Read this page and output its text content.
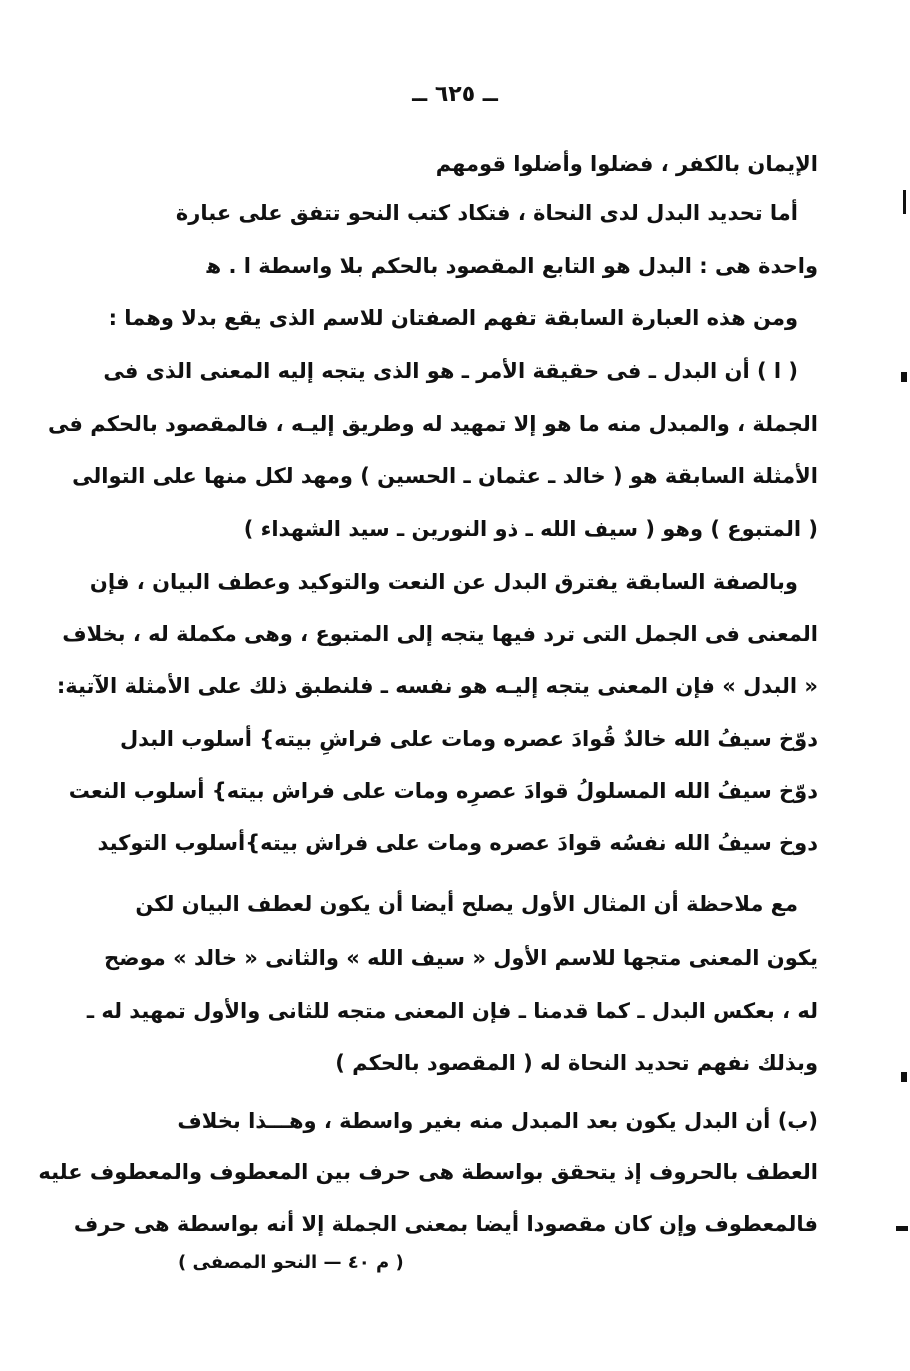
ــ ٦٢٥ ــ
الإيمان بالكفر ، فضلوا وأضلوا قومهم
أما تحديد البدل لدى النحاة ، فتكاد كتب النحو تتفق على عبارة
واحدة هى : البدل هو التابع المقصود بالحكم بلا واسطة ا . ﻫ
ومن هذه العبارة السابقة تفهم الصفتان للاسم الذى يقع بدلا وهما :
( ا ) أن البدل ـ فى حقيقة الأمر ـ هو الذى يتجه إليه المعنى الذى فى
الجملة ، والمبدل منه ما هو إلا تمهيد له وطريق إليـه ، فالمقصود بالحكم فى
الأمثلة السابقة هو ( خالد ـ عثمان ـ الحسين ) ومهد لكل منها على التوالى
( المتبوع ) وهو ( سيف الله ـ ذو النورين ـ سيد الشهداء )
وبالصفة السابقة يفترق البدل عن النعت والتوكيد وعطف البيان ، فإن
المعنى فى الجمل التى ترد فيها يتجه إلى المتبوع ، وهى مكملة له ، بخلاف
« البدل » فإن المعنى يتجه إليـه هو نفسه ـ فلنطبق ذلك على الأمثلة الآتية:
دوّخ سيفُ الله خالدٌ قُوادَ عصره ومات على فراشِ بيته
} أسلوب البدل
دوّخ سيفُ الله المسلولُ قوادَ عصرِه ومات على فراش بيته
} أسلوب النعت
دوخ سيفُ الله نفسُه قوادَ عصره ومات على فراش بيته
}أسلوب التوكيد
مع ملاحظة أن المثال الأول يصلح أيضا أن يكون لعطف البيان لكن
يكون المعنى متجها للاسم الأول « سيف الله » والثانى « خالد » موضح
له ، بعكس البدل ـ كما قدمنا ـ فإن المعنى متجه للثانى والأول تمهيد له ـ
وبذلك نفهم تحديد النحاة له ( المقصود بالحكم )
(ب) أن البدل يكون بعد المبدل منه بغير واسطة ، وهـــذا بخلاف
العطف بالحروف إذ يتحقق بواسطة هى حرف بين المعطوف والمعطوف عليه
فالمعطوف وإن كان مقصودا أيضا بمعنى الجملة إلا أنه بواسطة هى حرف
( م ٤٠ — النحو المصفى )
